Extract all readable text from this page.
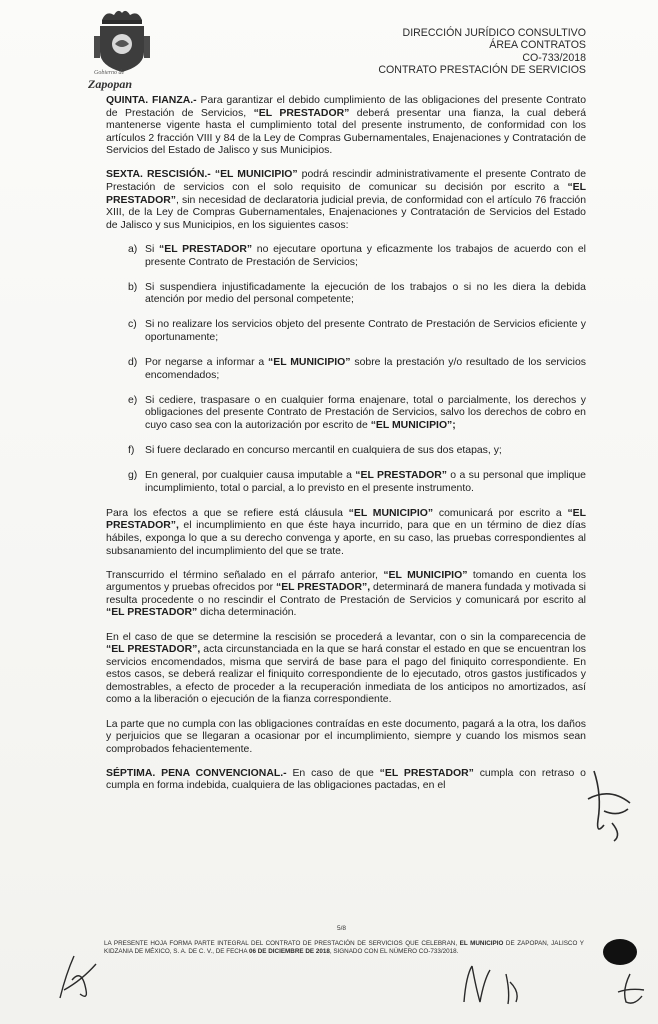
Gobierno de
Zapopan
DIRECCIÓN JURÍDICO CONSULTIVO
ÁREA CONTRATOS
CO-733/2018
CONTRATO PRESTACIÓN DE SERVICIOS

QUINTA. FIANZA.- Para garantizar el debido cumplimiento de las obligaciones del presente Contrato de Prestación de Servicios, “EL PRESTADOR” deberá presentar una fianza, la cual deberá mantenerse vigente hasta el cumplimiento total del presente instrumento, de conformidad con los artículos 2 fracción VIII y 84 de la Ley de Compras Gubernamentales, Enajenaciones y Contratación de Servicios del Estado de Jalisco y sus Municipios.

SEXTA. RESCISIÓN.- “EL MUNICIPIO” podrá rescindir administrativamente el presente Contrato de Prestación de servicios con el solo requisito de comunicar su decisión por escrito a “EL PRESTADOR”, sin necesidad de declaratoria judicial previa, de conformidad con el artículo 76 fracción XIII, de la Ley de Compras Gubernamentales, Enajenaciones y Contratación de Servicios del Estado de Jalisco y sus Municipios, en los siguientes casos:

a) Si “EL PRESTADOR” no ejecutare oportuna y eficazmente los trabajos de acuerdo con el presente Contrato de Prestación de Servicios;
b) Si suspendiera injustificadamente la ejecución de los trabajos o si no les diera la debida atención por medio del personal competente;
c) Si no realizare los servicios objeto del presente Contrato de Prestación de Servicios eficiente y oportunamente;
d) Por negarse a informar a “EL MUNICIPIO” sobre la prestación y/o resultado de los servicios encomendados;
e) Si cediere, traspasare o en cualquier forma enajenare, total o parcialmente, los derechos y obligaciones del presente Contrato de Prestación de Servicios, salvo los derechos de cobro en cuyo caso sea con la autorización por escrito de “EL MUNICIPIO”;
f) Si fuere declarado en concurso mercantil en cualquiera de sus dos etapas, y;
g) En general, por cualquier causa imputable a “EL PRESTADOR” o a su personal que implique incumplimiento, total o parcial, a lo previsto en el presente instrumento.

Para los efectos a que se refiere está cláusula “EL MUNICIPIO” comunicará por escrito a “EL PRESTADOR”, el incumplimiento en que éste haya incurrido, para que en un término de diez días hábiles, exponga lo que a su derecho convenga y aporte, en su caso, las pruebas correspondientes al subsanamiento del incumplimiento del que se trate.

Transcurrido el término señalado en el párrafo anterior, “EL MUNICIPIO” tomando en cuenta los argumentos y pruebas ofrecidos por “EL PRESTADOR”, determinará de manera fundada y motivada si resulta procedente o no rescindir el Contrato de Prestación de Servicios y comunicará por escrito al “EL PRESTADOR” dicha determinación.

En el caso de que se determine la rescisión se procederá a levantar, con o sin la comparecencia de “EL PRESTADOR”, acta circunstanciada en la que se hará constar el estado en que se encuentran los servicios encomendados, misma que servirá de base para el pago del finiquito correspondiente. En estos casos, se deberá realizar el finiquito correspondiente de lo ejecutado, otros gastos justificados y demostrables, a efecto de proceder a la recuperación inmediata de los anticipos no amortizados, así como a la liberación o ejecución de la fianza correspondiente.

La parte que no cumpla con las obligaciones contraídas en este documento, pagará a la otra, los daños y perjuicios que se llegaran a ocasionar por el incumplimiento, siempre y cuando los mismos sean comprobados fehacientemente.

SÉPTIMA. PENA CONVENCIONAL.- En caso de que “EL PRESTADOR” cumpla con retraso o cumpla en forma indebida, cualquiera de las obligaciones pactadas, en el

5/8
LA PRESENTE HOJA FORMA PARTE INTEGRAL DEL CONTRATO DE PRESTACIÓN DE SERVICIOS QUE CELEBRAN, EL MUNICIPIO DE ZAPOPAN, JALISCO Y KIDZANIA DE MÉXICO, S. A. DE C. V., DE FECHA 06 DE DICIEMBRE DE 2018, SIGNADO CON EL NÚMERO CO-733/2018.
